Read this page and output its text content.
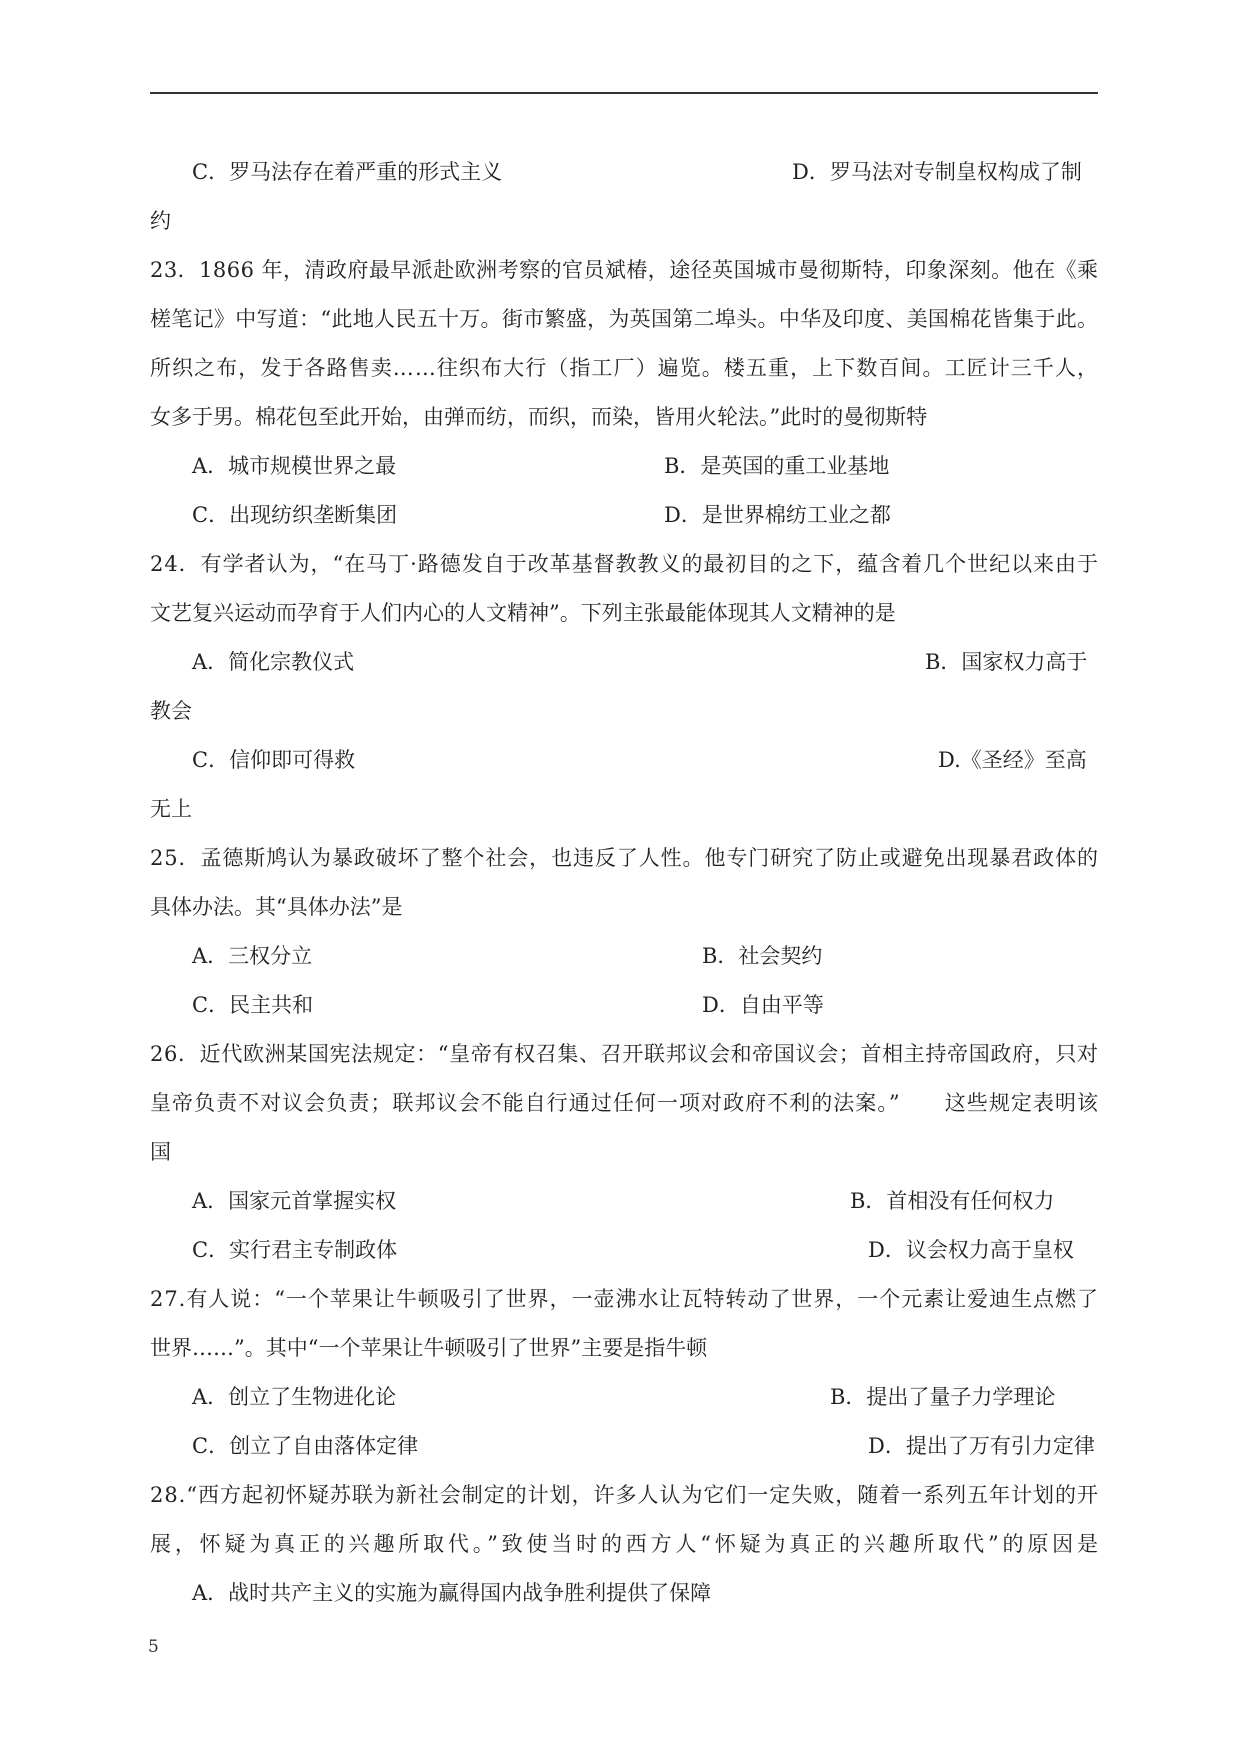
C．罗马法存在着严重的形式主义	D．罗马法对专制皇权构成了制
约
23．1866 年，清政府最早派赴欧洲考察的官员斌椿，途径英国城市曼彻斯特，印象深刻。他在《乘
槎笔记》中写道：“此地人民五十万。街市繁盛，为英国第二埠头。中华及印度、美国棉花皆集于此。
所织之布，发于各路售卖……往织布大行（指工厂）遍览。楼五重，上下数百间。工匠计三千人，
女多于男。棉花包至此开始，由弹而纺，而织，而染，皆用火轮法。”此时的曼彻斯特
A．城市规模世界之最	B．是英国的重工业基地
C．出现纺织垄断集团	D．是世界棉纺工业之都
24．有学者认为，“在马丁·路德发自于改革基督教教义的最初目的之下，蕴含着几个世纪以来由于
文艺复兴运动而孕育于人们内心的人文精神”。下列主张最能体现其人文精神的是
A．简化宗教仪式	B．国家权力高于
教会
C．信仰即可得救	D.《圣经》至高
无上
25．孟德斯鸠认为暴政破坏了整个社会，也违反了人性。他专门研究了防止或避免出现暴君政体的
具体办法。其“具体办法”是
A．三权分立	B．社会契约
C．民主共和	D．自由平等
26．近代欧洲某国宪法规定：“皇帝有权召集、召开联邦议会和帝国议会；首相主持帝国政府，只对
皇帝负责不对议会负责；联邦议会不能自行通过任何一项对政府不利的法案。”　　这些规定表明该
国
A．国家元首掌握实权	B．首相没有任何权力
C．实行君主专制政体	D．议会权力高于皇权
27.有人说：“一个苹果让牛顿吸引了世界，一壶沸水让瓦特转动了世界，一个元素让爱迪生点燃了
世界……”。其中“一个苹果让牛顿吸引了世界”主要是指牛顿
A．创立了生物进化论	B．提出了量子力学理论
C．创立了自由落体定律	D．提出了万有引力定律
28.“西方起初怀疑苏联为新社会制定的计划，许多人认为它们一定失败，随着一系列五年计划的开
展，怀疑为真正的兴趣所取代。”致使当时的西方人“怀疑为真正的兴趣所取代”的原因是
A．战时共产主义的实施为赢得国内战争胜利提供了保障
5
